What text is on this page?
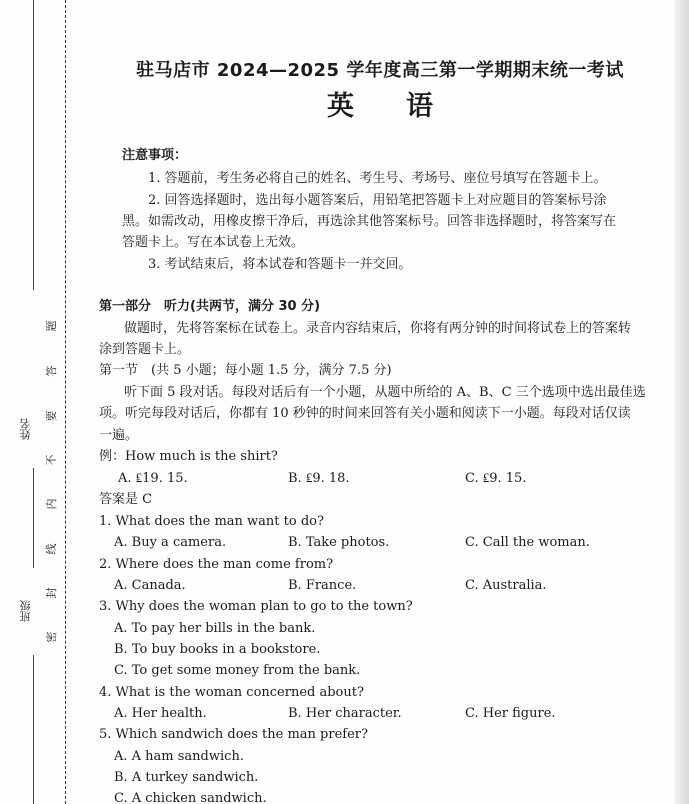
姓名
班级
题
答
要
不
内
线
封
密
驻马店市 2024—2025 学年度高三第一学期期末统一考试
英语
注意事项：
1. 答题前，考生务必将自己的姓名、考生号、考场号、座位号填写在答题卡上。
2. 回答选择题时，选出每小题答案后，用铅笔把答题卡上对应题目的答案标号涂
黑。如需改动，用橡皮擦干净后，再选涂其他答案标号。回答非选择题时，将答案写在
答题卡上。写在本试卷上无效。
3. 考试结束后，将本试卷和答题卡一并交回。
第一部分　听力(共两节，满分 30 分)
做题时，先将答案标在试卷上。录音内容结束后，你将有两分钟的时间将试卷上的答案转
涂到答题卡上。
第一节　(共 5 小题；每小题 1.5 分，满分 7.5 分)
听下面 5 段对话。每段对话后有一个小题，从题中所给的 A、B、C 三个选项中选出最佳选
项。听完每段对话后，你都有 10 秒钟的时间来回答有关小题和阅读下一小题。每段对话仅读
一遍。
例：How much is the shirt?
A. ₤19. 15.	B. ₤9. 18.	C. ₤9. 15.
答案是 C
1. What does the man want to do?
A. Buy a camera.	B. Take photos.	C. Call the woman.
2. Where does the man come from?
A. Canada.	B. France.	C. Australia.
3. Why does the woman plan to go to the town?
A. To pay her bills in the bank.
B. To buy books in a bookstore.
C. To get some money from the bank.
4. What is the woman concerned about?
A. Her health.	B. Her character.	C. Her figure.
5. Which sandwich does the man prefer?
A. A ham sandwich.
B. A turkey sandwich.
C. A chicken sandwich.
